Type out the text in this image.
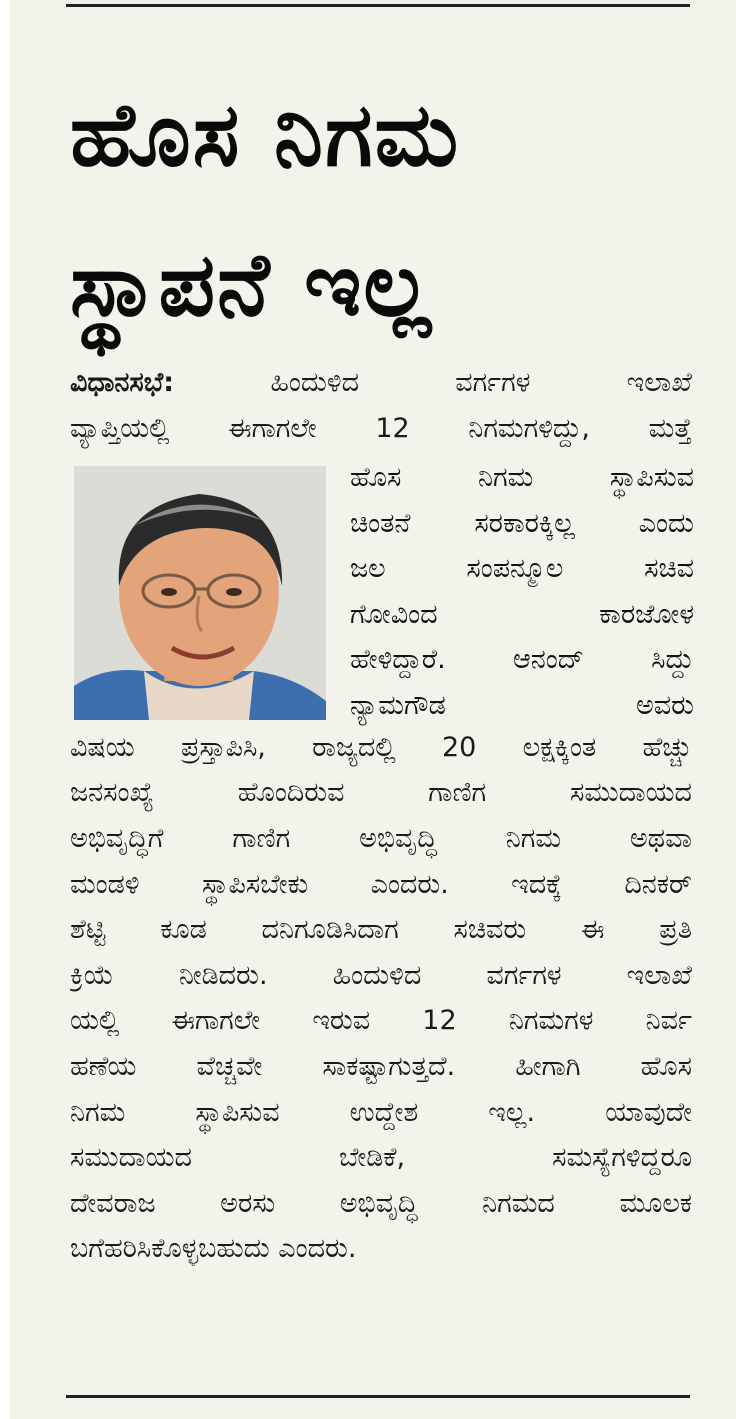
ಹೊಸ ನಿಗಮ
ಸ್ಥಾಪನೆ ಇಲ್ಲ
ವಿಧಾನಸಭೆ:	ಹಿಂದುಳಿದ ವರ್ಗಗಳ ಇಲಾಖೆ
ವ್ಯಾಪ್ತಿಯಲ್ಲಿ ಈಗಾಗಲೇ 12 ನಿಗಮಗಳಿದ್ದು, ಮತ್ತೆ
ವಿಷಯ ಪ್ರಸ್ತಾಪಿಸಿ, ರಾಜ್ಯದಲ್ಲಿ 20 ಲಕ್ಷಕ್ಕಿಂತ ಹೆಚ್ಚು
ಜನಸಂಖ್ಯೆ ಹೊಂದಿರುವ ಗಾಣಿಗ ಸಮುದಾಯದ
ಅಭಿವೃದ್ಧಿಗೆ ಗಾಣಿಗ ಅಭಿವೃದ್ಧಿ ನಿಗಮ ಅಥವಾ
ಮಂಡಳಿ ಸ್ಥಾಪಿಸಬೇಕು ಎಂದರು. ಇದಕ್ಕೆ ದಿನಕರ್
ಶೆಟ್ಟಿ ಕೂಡ ದನಿಗೂಡಿಸಿದಾಗ ಸಚಿವರು ಈ ಪ್ರತಿ
ಕ್ರಿಯೆ ನೀಡಿದರು. ಹಿಂದುಳಿದ ವರ್ಗಗಳ ಇಲಾಖೆ
ಯಲ್ಲಿ ಈಗಾಗಲೇ ಇರುವ 12 ನಿಗಮಗಳ ನಿರ್ವ
ಹಣೆಯ ವೆಚ್ಚವೇ ಸಾಕಷ್ಟಾಗುತ್ತದೆ. ಹೀಗಾಗಿ ಹೊಸ
ನಿಗಮ ಸ್ಥಾಪಿಸುವ ಉದ್ದೇಶ ಇಲ್ಲ. ಯಾವುದೇ
ಸಮುದಾಯದ ಬೇಡಿಕೆ, ಸಮಸ್ಯೆಗಳಿದ್ದರೂ
ದೇವರಾಜ ಅರಸು ಅಭಿವೃದ್ಧಿ ನಿಗಮದ ಮೂಲಕ
ಬಗೆಹರಿಸಿಕೊಳ್ಳಬಹುದು ಎಂದರು.
ಹೊಸ ನಿಗಮ ಸ್ಥಾಪಿಸುವ
ಚಿಂತನೆ ಸರಕಾರಕ್ಕಿಲ್ಲ ಎಂದು
ಜಲ ಸಂಪನ್ಮೂಲ ಸಚಿವ
ಗೋವಿಂದ ಕಾರಜೋಳ
ಹೇಳಿದ್ದಾರೆ. ಆನಂದ್ ಸಿದ್ದು
ನ್ಯಾಮಗೌಡ ಅವರು
